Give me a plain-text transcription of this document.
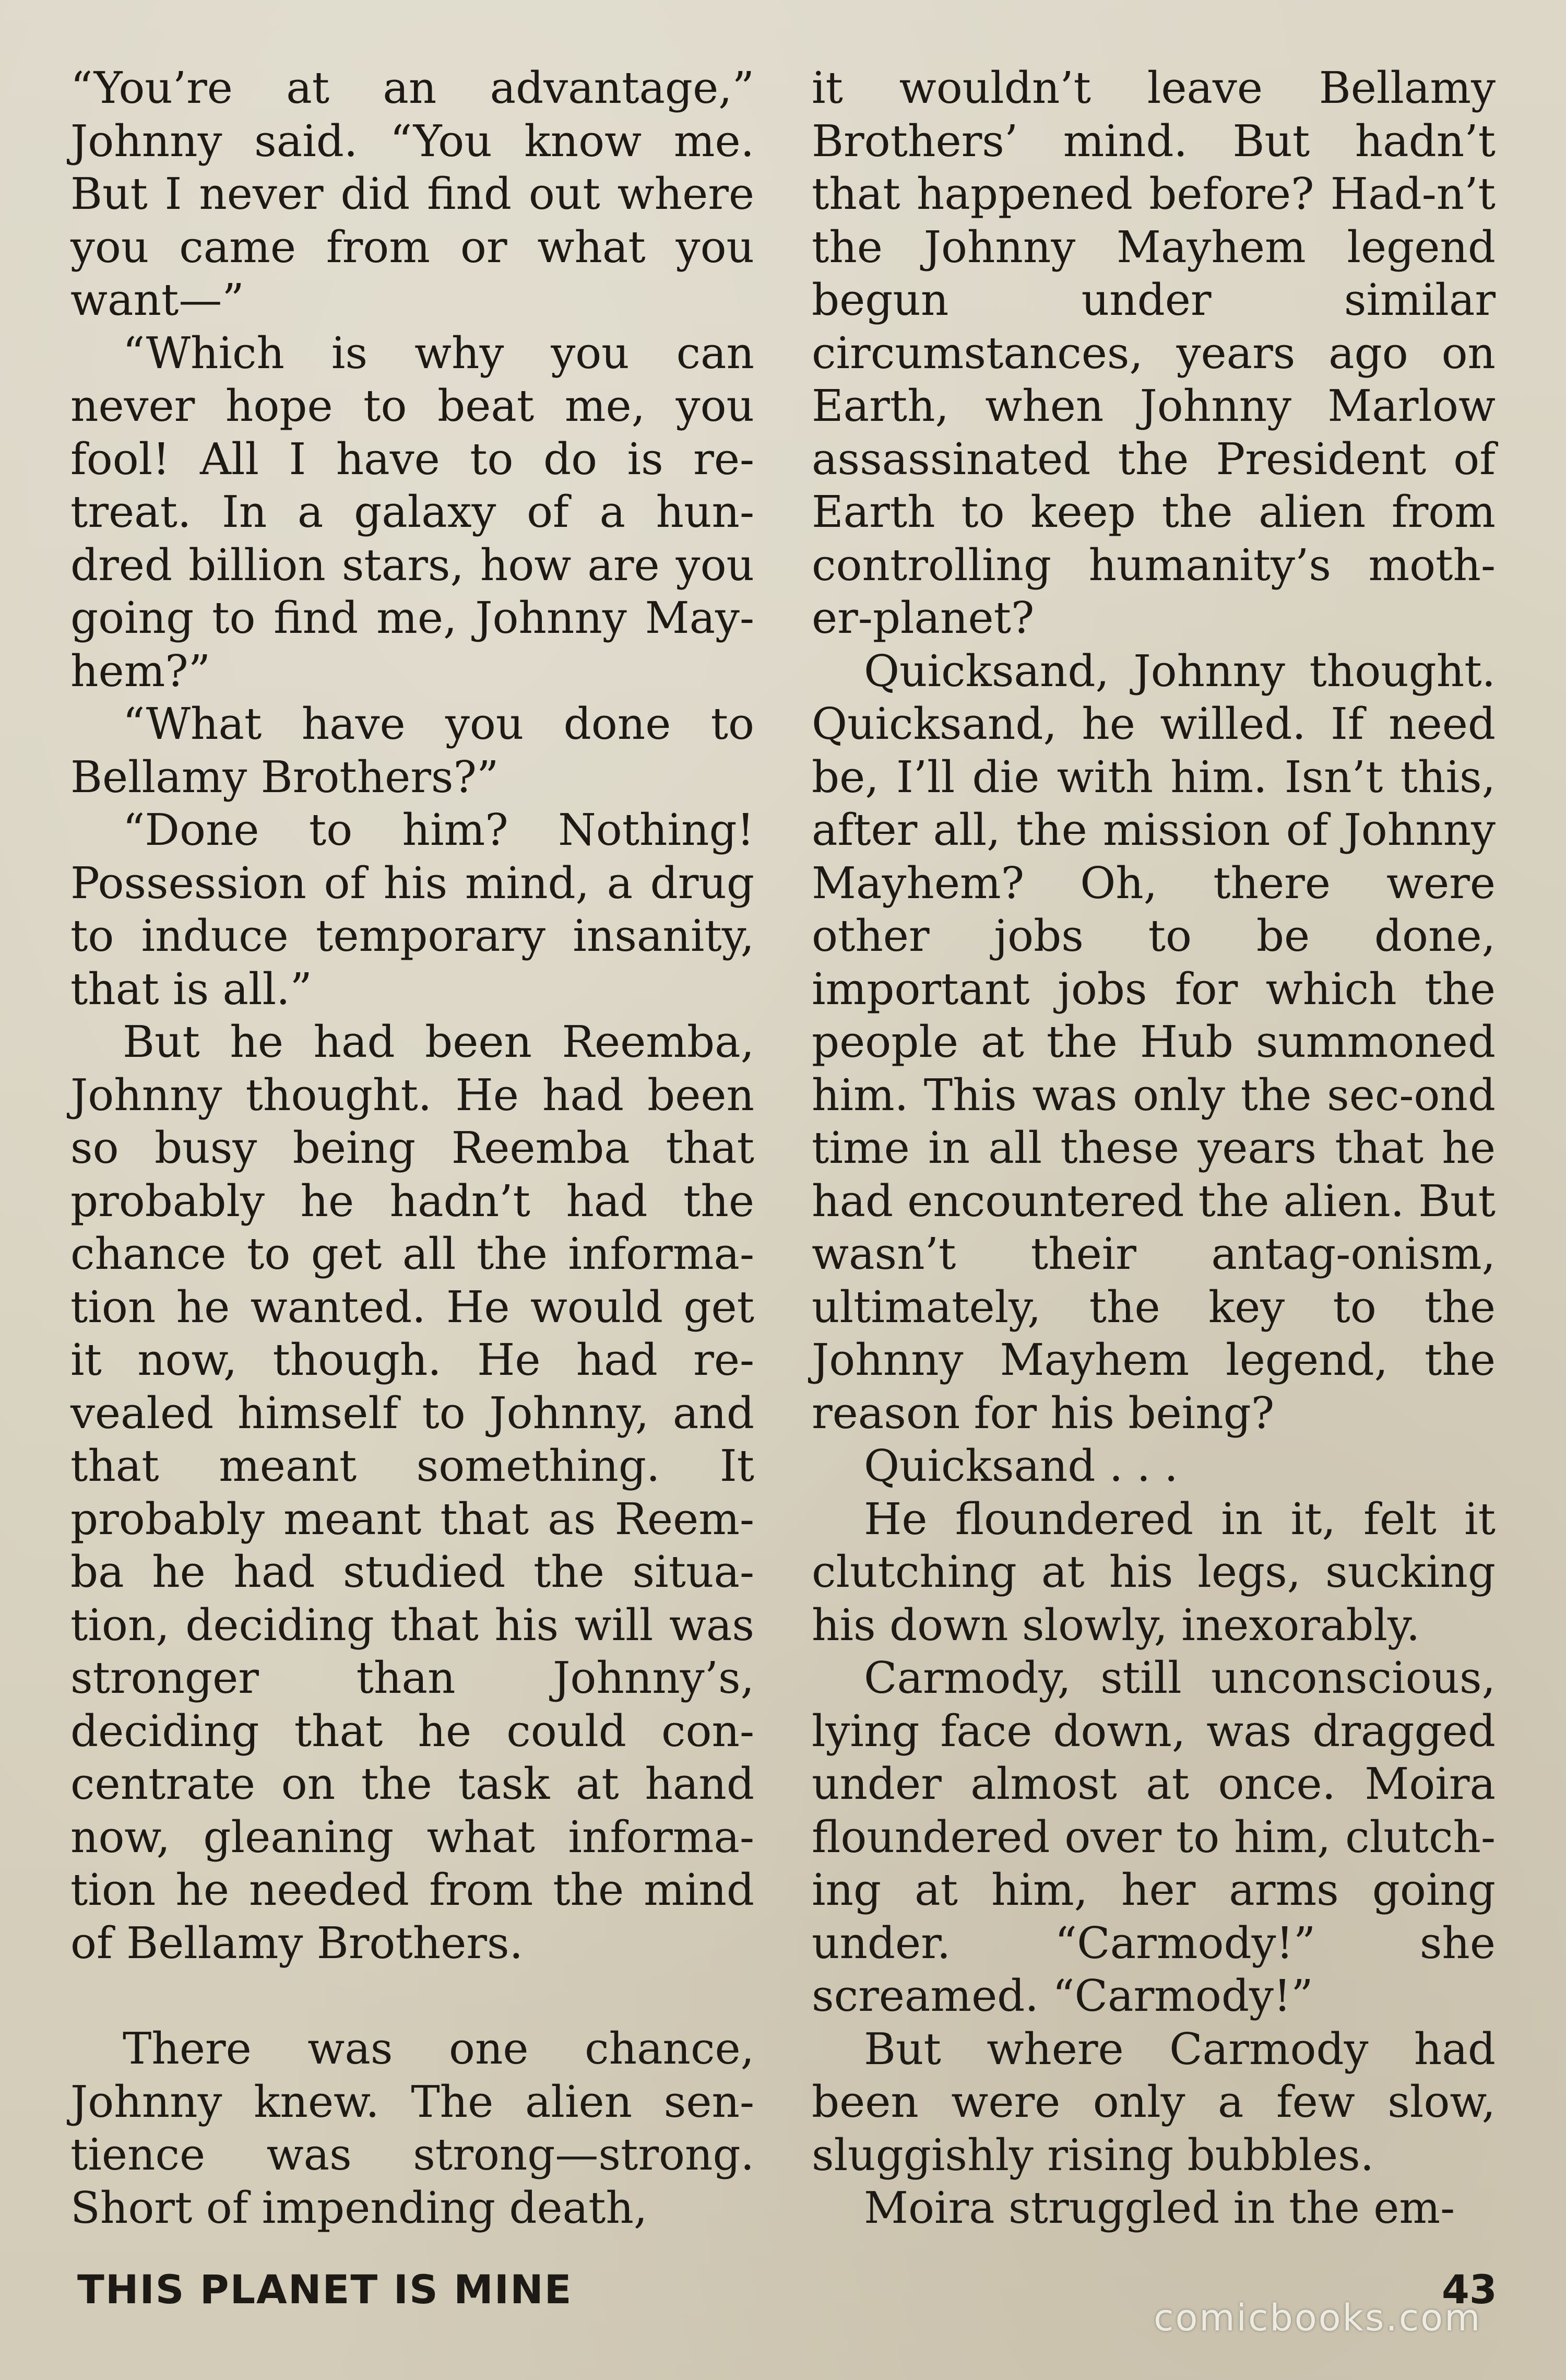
“You’re at an advantage,” Johnny said. “You know me. But I never did find out where you came from or what you want—”

“Which is why you can never hope to beat me, you fool! All I have to do is re-treat. In a galaxy of a hun-dred billion stars, how are you going to find me, Johnny May-hem?”

“What have you done to Bellamy Brothers?”

“Done to him? Nothing! Possession of his mind, a drug to induce temporary insanity, that is all.”

But he had been Reemba, Johnny thought. He had been so busy being Reemba that probably he hadn’t had the chance to get all the informa-tion he wanted. He would get it now, though. He had re-vealed himself to Johnny, and that meant something. It probably meant that as Reem-ba he had studied the situa-tion, deciding that his will was stronger than Johnny’s, deciding that he could con-centrate on the task at hand now, gleaning what informa-tion he needed from the mind of Bellamy Brothers.

There was one chance, Johnny knew. The alien sen-tience was strong—strong. Short of impending death,

it wouldn’t leave Bellamy Brothers’ mind. But hadn’t that happened before? Had-n’t the Johnny Mayhem legend begun under similar circumstances, years ago on Earth, when Johnny Marlow assassinated the President of Earth to keep the alien from controlling humanity’s moth-er-planet?

Quicksand, Johnny thought. Quicksand, he willed. If need be, I’ll die with him. Isn’t this, after all, the mission of Johnny Mayhem? Oh, there were other jobs to be done, important jobs for which the people at the Hub summoned him. This was only the sec-ond time in all these years that he had encountered the alien. But wasn’t their antag-onism, ultimately, the key to the Johnny Mayhem legend, the reason for his being?

Quicksand . . .

He floundered in it, felt it clutching at his legs, sucking his down slowly, inexorably.

Carmody, still unconscious, lying face down, was dragged under almost at once. Moira floundered over to him, clutch-ing at him, her arms going under. “Carmody!” she screamed. “Carmody!”

But where Carmody had been were only a few slow, sluggishly rising bubbles.

Moira struggled in the em-

THIS PLANET IS MINE	43
comicbooks.com
